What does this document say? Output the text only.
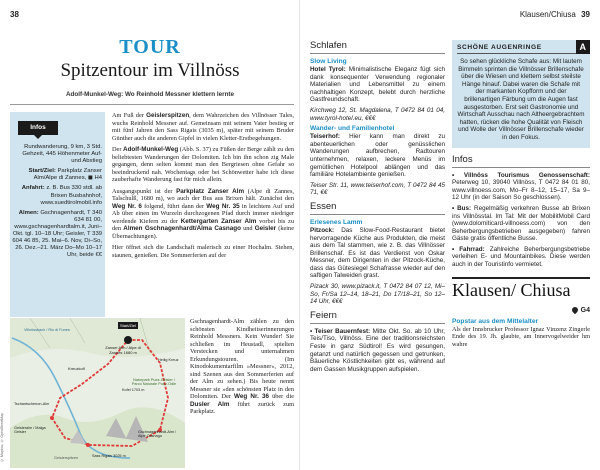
38
TOUR
Spitzentour im Villnöss
Adolf-Munkel-Weg: Wo Reinhold Messner klettern lernte
Infos

Rundwanderung, 9 km, 3 Std. Gehzeit, 445 Höhenmeter Auf- und Abstieg

Start/Ziel: Parkplatz Zanser Alm/Alpe di Zannes, ◼ H4

Anfahrt: z. B. Bus 330 stdl. ab Brixen Busbahnhof, www.suedtirolmobil.info

Almen: Gschnagenhardt, T 340 634 81 00, www.gschnagenhardtalm.it, Juni–Okt. tgl. 10–18 Uhr; Geisler, T 339 604 46 85, 25. Mai–6. Nov, Di–So, 26. Dez.–21. März Do–Mo 10–17 Uhr, beide €€

Am Fuß der Geislerspitzen, dem Wahrzeichen des Villnösser Tales, wuchs Reinhold Messner auf. Gemeinsam mit seinem Vater bestieg er mit fünf Jahren den Sass Rigais (3035 m), später mit seinem Bruder Günther auch die anderen Gipfel in vielen Kletter-Erstbegehungen.

Der Adolf-Munkel-Weg (Abb. S. 37) zu Füßen der Berge zählt zu den beliebtesten Wanderungen der Dolomiten. Ich bin ihn schon zig Male gegangen, denn selten kommt man den Bergriesen ohne Gefahr so beeindruckend nah. Wochentags oder bei Schönwetter habe ich diese zauberhafte Wanderung fast für mich allein.

Ausgangspunkt ist der Parkplatz Zanser Alm (Alpe di Zannes, Talschulß, 1680 m), wo auch der Bus aus Brixen hält. Zunächst den Weg Nr. 6 folgend, führt dann der Weg Nr. 35 in leichtem Auf und Ab über einen im Wurzeln durchzogenen Pfad durch immer niedriger werdende Kiefern zu der Kettergarten Zanser Alm vorbei bis zu den Almen Gschnagenhardt/Alma Casnago und Geisler (keine Übernachtungen).

Hier öffnet sich die Landschaft malerisch zu einer Hochalm. Stehen, staunen, genießen. Die Sommerferien auf der

Start/Ziel
Zanser Alm / Alpe di Zannes 1680 m
Kreuzkofl
Naturpark Puez-Geisler / Parco Naturale Puez-Odle
Tschantschenon-Alm
Kofel 1703 m
Geisleralm / Malga Geisler	Gschnagenhardt-Alm / Alpe Casnago
Sass Rigais 3025 m
Geislerspitzen
Villnössbach / Rio di Funes
Heilig Kreuz
© Mapbox, © OpenStreetMap

Gschnagenhardt-Alm zählen zu den schönsten Kindheitserinnerungen Reinhold Messners. Kein Wunder! Sie schließen im Heustadl, spielten Verstecken und unternahmen Erkundungstouren. (Im Kinodokumentarfilm »Messner«, 2012, sind Szenen aus den Sommerferien auf der Alm zu sehen.) Bis heute nennt Messner sie »den schönsten Platz in den Dolomiten. Der Weg Nr. 36 über die Dusler Alm führt zurück zum Parkplatz.

Klausen/Chiusa 39
Schlafen
Slow Living
Hotel Tyrol: Minimalistische Eleganz fügt sich dank konsequenter Verwendung regionaler Materialien und Lebensmittel zu einem nachhaltigen Konzept, belebt durch herzliche Gastfreundschaft.
Kirchweg 12, St. Magdalena, T 0472 84 01 04, www.tyrol-hotel.eu, €€€
Wander- und Familienhotel
Teiserhof: Hier kann man direkt zu abenteuerlichen oder genüsslichen Wanderungen aufbrechen, Radtouren unternehmen, relaxen, leckere Menüs im gemütlichen Hotelpool ablängen und das familiäre Hotelambiente genießen.
Teiser Str. 11, www.teiserhof.com, T 0472 84 45 71, €€
Essen
Erlesenes Lamm
Pitzock: Das Slow-Food-Restaurant bietet hervorragende Küche aus Produkten, die meist aus dem Tal stammen, wie z. B. das Villnösser Brillenschaf. Es ist das Verdienst von Oskar Messner, dem Dirigenten in der Pitzock-Küche, dass das Gütesiegel Schafrasse wieder auf den saftigen Talweiden grast.
Pizack 30, www.pizack.it, T 0472 84 07 12, Mi–So, Fr/Sa 12–14, 18–21, Do 17/18–21, So 12–14 Uhr, €€€
Feiern
• Teiser Bauernfest: Mitte Okt. So. ab 10 Uhr, Teis/Tiso, Villnöss. Eine der traditionsreichsten Feste in ganz Südtirol! Es wird gesungen, getanzt und natürlich gegessen und getrunken, Bäuerliche Köstlichkeiten gibt es, während auf dem Gassen Musikgruppen aufspielen.
SCHÖNE AUGENRINGE	A
So sehen glückliche Schafe aus: Mit lautem Bimmeln sprinten die Villnösser Brillenschafe über die Wiesen und klettern selbst steilste Hänge hinauf. Dabei waren die Schafe mit der markanten Kopfform und der brillenartigen Färbung um die Augen fast ausgestorben. Erst seit Gastronomie und Wirtschaft Ausschau nach Altheergebrachtem hatten, rücken die hohe Qualität von Fleisch und Wolle der Villnösser Brillenschafe wieder in den Fokus.
Infos
• Villnöss Tourismus Genossenschaft: Peterweg 10, 39040 Villnöss, T 0472 84 01 80, www.villnoess.com, Mo–Fr 8–12, 15–17, Sa 9–12 Uhr (in der Saison So geschlossen).
• Bus: Regelmäßig verkehren Busse ab Brixen ins Villnösstal. Im Tal: Mit der MobilitMobil Card (www.dolomiticard-villnoess.com) von den Beherbergungsbetrieben ausgegeben) fahren Gäste gratis öffentliche Busse.
• Fahrrad: Zahlreiche Beherbergungsbetriebe verleihen E- und Mountainbikes. Diese werden auch in der Touristinfo vermietet.
Klausen/ Chiusa
G4
Popstar aus dem Mittelalter
Als der Innsbrucker Professor Ignaz Vinzenz Zingerle Ende des 19. Jh. glaubte, am Innervogelweider hm wahre
